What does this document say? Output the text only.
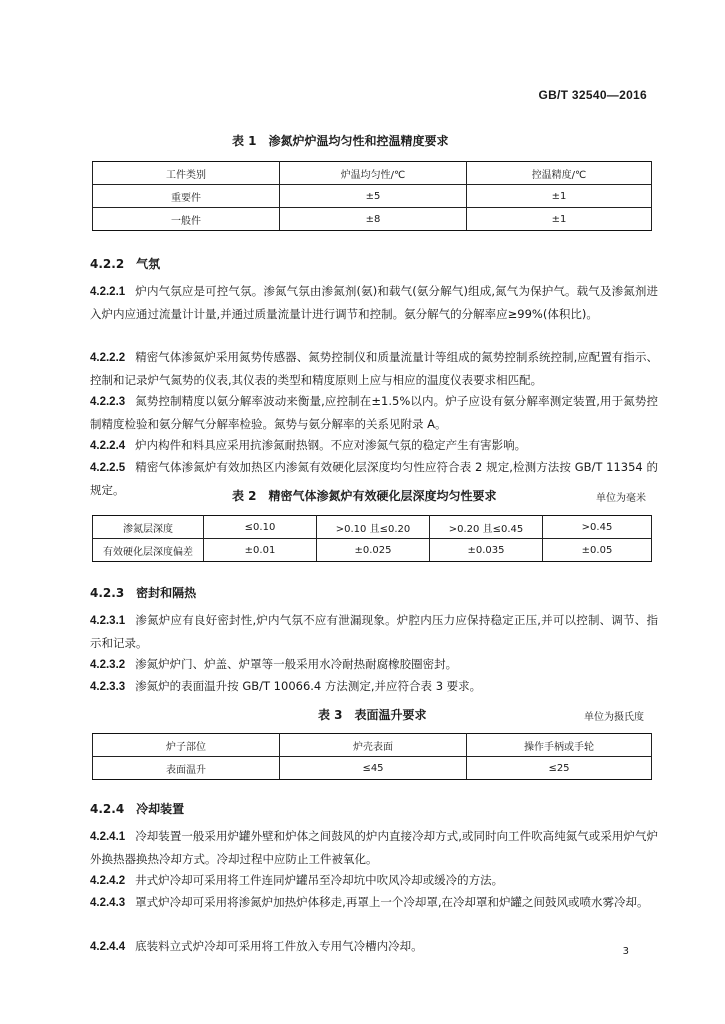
GB/T 32540—2016
表 1　渗氮炉炉温均匀性和控温精度要求
工件类别	炉温均匀性/℃	控温精度/℃
重要件	±5	±1
一般件	±8	±1
4.2.2　气氛
4.2.2.1 炉内气氛应是可控气氛。渗氮气氛由渗氮剂(氨)和载气(氨分解气)组成,氮气为保护气。载气及渗氮剂进入炉内应通过流量计计量,并通过质量流量计进行调节和控制。氨分解气的分解率应≥99%(体积比)。
4.2.2.2 精密气体渗氮炉采用氮势传感器、氮势控制仪和质量流量计等组成的氮势控制系统控制,应配置有指示、控制和记录炉气氮势的仪表,其仪表的类型和精度原则上应与相应的温度仪表要求相匹配。
4.2.2.3 氮势控制精度以氨分解率波动来衡量,应控制在±1.5%以内。炉子应设有氨分解率测定装置,用于氮势控制精度检验和氨分解气分解率检验。氮势与氨分解率的关系见附录 A。
4.2.2.4 炉内构件和料具应采用抗渗氮耐热钢。不应对渗氮气氛的稳定产生有害影响。
4.2.2.5 精密气体渗氮炉有效加热区内渗氮有效硬化层深度均匀性应符合表 2 规定,检测方法按 GB/T 11354 的规定。	表 2　精密气体渗氮炉有效硬化层深度均匀性要求	单位为毫米
渗氮层深度	≤0.10	>0.10 且≤0.20	>0.20 且≤0.45	>0.45
有效硬化层深度偏差	±0.01	±0.025	±0.035	±0.05
4.2.3　密封和隔热
4.2.3.1 渗氮炉应有良好密封性,炉内气氛不应有泄漏现象。炉腔内压力应保持稳定正压,并可以控制、调节、指示和记录。
4.2.3.2 渗氮炉炉门、炉盖、炉罩等一般采用水冷耐热耐腐橡胶圈密封。
4.2.3.3 渗氮炉的表面温升按 GB/T 10066.4 方法测定,并应符合表 3 要求。
表 3　表面温升要求	单位为摄氏度
炉子部位	炉壳表面	操作手柄或手轮
表面温升	≤45	≤25
4.2.4　冷却装置
4.2.4.1 冷却装置一般采用炉罐外壁和炉体之间鼓风的炉内直接冷却方式,或同时向工件吹高纯氮气或采用炉气炉外换热器换热冷却方式。冷却过程中应防止工件被氧化。
4.2.4.2 井式炉冷却可采用将工件连同炉罐吊至冷却坑中吹风冷却或缓冷的方法。
4.2.4.3 罩式炉冷却可采用将渗氮炉加热炉体移走,再罩上一个冷却罩,在冷却罩和炉罐之间鼓风或喷水雾冷却。
4.2.4.4 底装料立式炉冷却可采用将工件放入专用气冷槽内冷却。	3
